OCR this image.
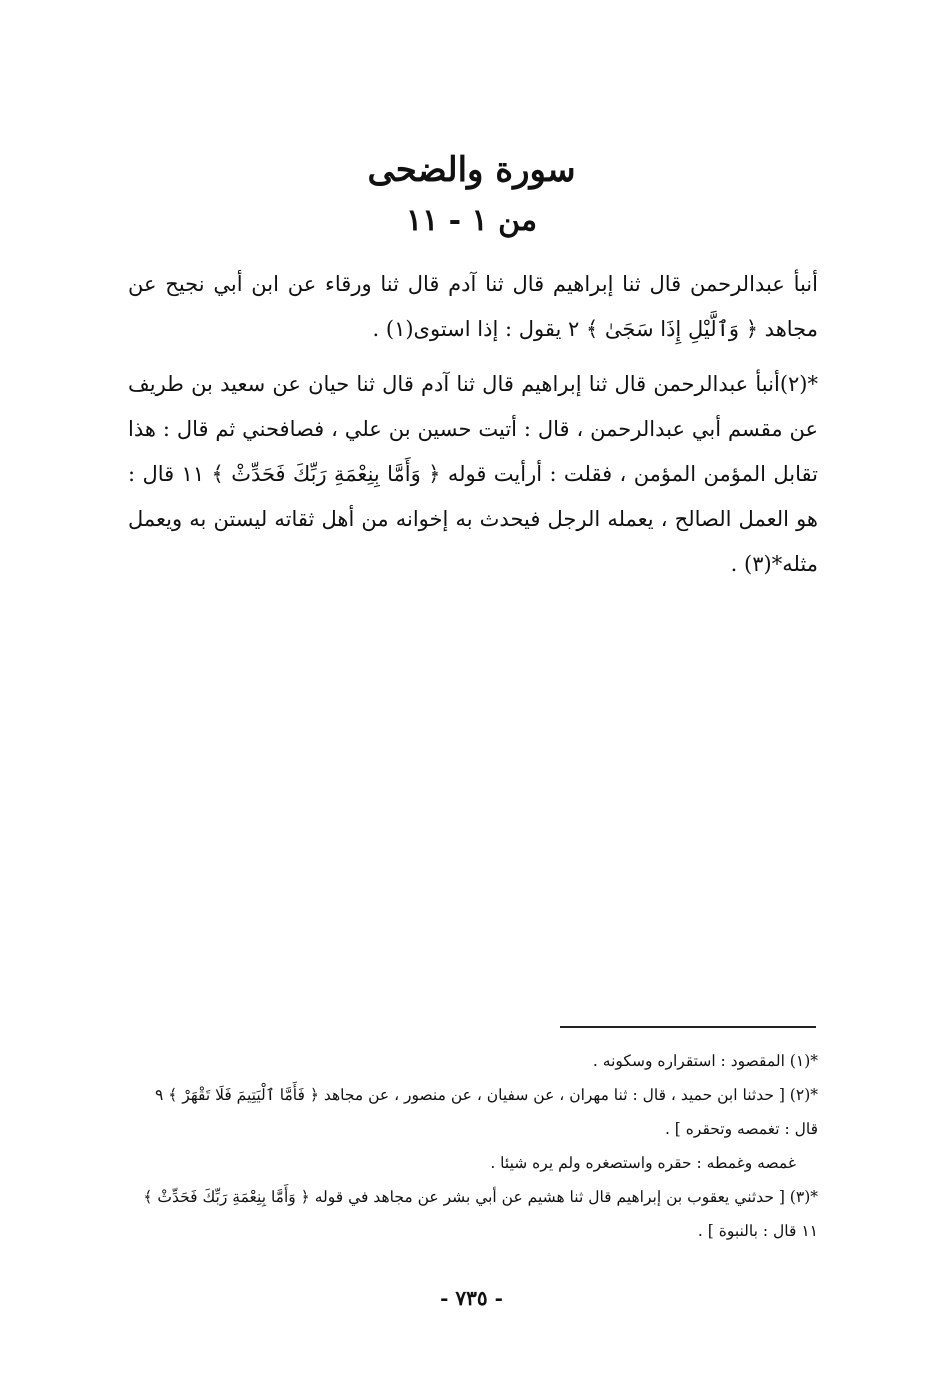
سورة والضحى
من ١ - ١١
أنبأ عبدالرحمن قال ثنا إبراهيم قال ثنا آدم قال ثنا ورقاء عن ابن أبي نجيح عن مجاهد ﴿ وَٱلَّيْلِ إِذَا سَجَىٰ ﴾ ٢ يقول : إذا استوى(١) .
*(٢)أنبأ عبدالرحمن قال ثنا إبراهيم قال ثنا آدم قال ثنا حيان عن سعيد بن طريف عن مقسم أبي عبدالرحمن ، قال : أتيت حسين بن علي ، فصافحني ثم قال : هذا تقابل المؤمن المؤمن ، فقلت : أرأيت قوله ﴿ وَأَمَّا بِنِعْمَةِ رَبِّكَ فَحَدِّثْ ﴾ ١١ قال : هو العمل الصالح ، يعمله الرجل فيحدث به إخوانه من أهل ثقاته ليستن به ويعمل مثله*(٣) .
*(١) المقصود : استقراره وسكونه .
*(٢) [ حدثنا ابن حميد ، قال : ثنا مهران ، عن سفيان ، عن منصور ، عن مجاهد ﴿ فَأَمَّا ٱلْيَتِيمَ فَلَا تَقْهَرْ ﴾ ٩ قال : تغمصه وتحقره ] .
غمصه وغمطه : حقره واستصغره ولم يره شيئا .
*(٣) [ حدثني يعقوب بن إبراهيم قال ثنا هشيم عن أبي بشر عن مجاهد في قوله ﴿ وَأَمَّا بِنِعْمَةِ رَبِّكَ فَحَدِّثْ ﴾ ١١ قال : بالنبوة ] .
- ٧٣٥ -
